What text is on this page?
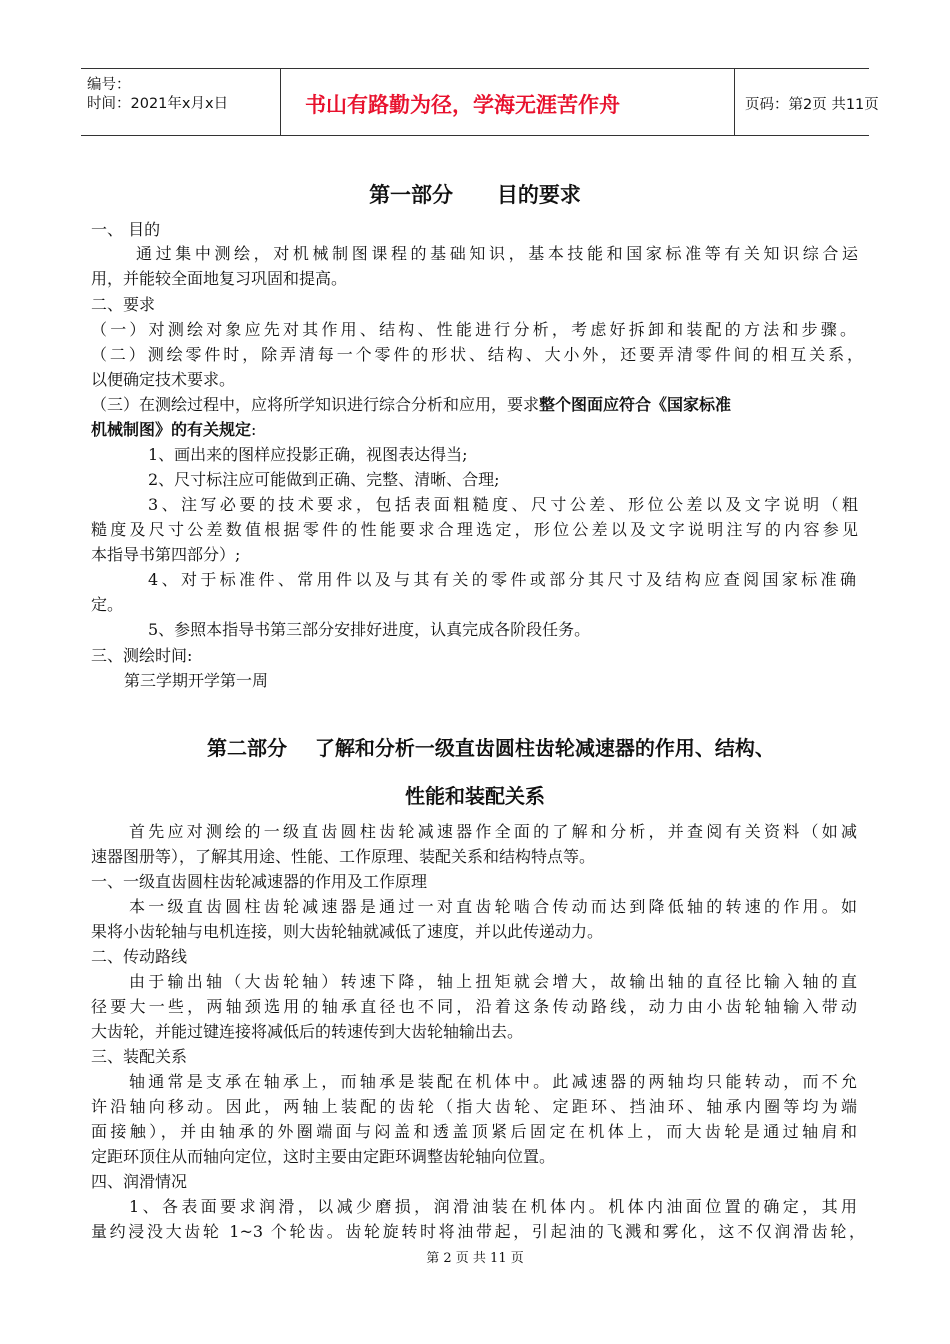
编号：
时间：2021年x月x日	书山有路勤为径，学海无涯苦作舟	页码：第2页 共11页
第一部分      目的要求
一、 目的
通过集中测绘，对机械制图课程的基础知识，基本技能和国家标准等有关知识综合运
用，并能较全面地复习巩固和提高。
二、要求
（一）对测绘对象应先对其作用、结构、性能进行分析，考虑好拆卸和装配的方法和步骤。
（二）测绘零件时，除弄清每一个零件的形状、结构、大小外，还要弄清零件间的相互关系，
以便确定技术要求。
（三）在测绘过程中，应将所学知识进行综合分析和应用，要求整个图面应符合《国家标准
机械制图》的有关规定:
1、画出来的图样应投影正确，视图表达得当;
2、尺寸标注应可能做到正确、完整、清晰、合理;
3、注写必要的技术要求，包括表面粗糙度、尺寸公差、形位公差以及文字说明（粗
糙度及尺寸公差数值根据零件的性能要求合理选定，形位公差以及文字说明注写的内容参见
本指导书第四部分）;
4、对于标准件、常用件以及与其有关的零件或部分其尺寸及结构应查阅国家标准确
定。
5、参照本指导书第三部分安排好进度，认真完成各阶段任务。
三、测绘时间:
第三学期开学第一周
第二部分    了解和分析一级直齿圆柱齿轮减速器的作用、结构、
性能和装配关系
首先应对测绘的一级直齿圆柱齿轮减速器作全面的了解和分析，并查阅有关资料（如减
速器图册等），了解其用途、性能、工作原理、装配关系和结构特点等。
一、一级直齿圆柱齿轮减速器的作用及工作原理
本一级直齿圆柱齿轮减速器是通过一对直齿轮啮合传动而达到降低轴的转速的作用。如
果将小齿轮轴与电机连接，则大齿轮轴就减低了速度，并以此传递动力。
二、传动路线
由于输出轴（大齿轮轴）转速下降，轴上扭矩就会增大，故输出轴的直径比输入轴的直
径要大一些，两轴颈选用的轴承直径也不同，沿着这条传动路线，动力由小齿轮轴输入带动
大齿轮，并能过键连接将减低后的转速传到大齿轮轴输出去。
三、装配关系
轴通常是支承在轴承上，而轴承是装配在机体中。此减速器的两轴均只能转动，而不允
许沿轴向移动。因此，两轴上装配的齿轮（指大齿轮、定距环、挡油环、轴承内圈等均为端
面接触），并由轴承的外圈端面与闷盖和透盖顶紧后固定在机体上，而大齿轮是通过轴肩和
定距环顶住从而轴向定位，这时主要由定距环调整齿轮轴向位置。
四、润滑情况
1、各表面要求润滑，以减少磨损，润滑油装在机体内。机体内油面位置的确定，其用
量约浸没大齿轮 1~3 个轮齿。齿轮旋转时将油带起，引起油的飞溅和雾化，这不仅润滑齿轮，
第 2 页 共 11 页
